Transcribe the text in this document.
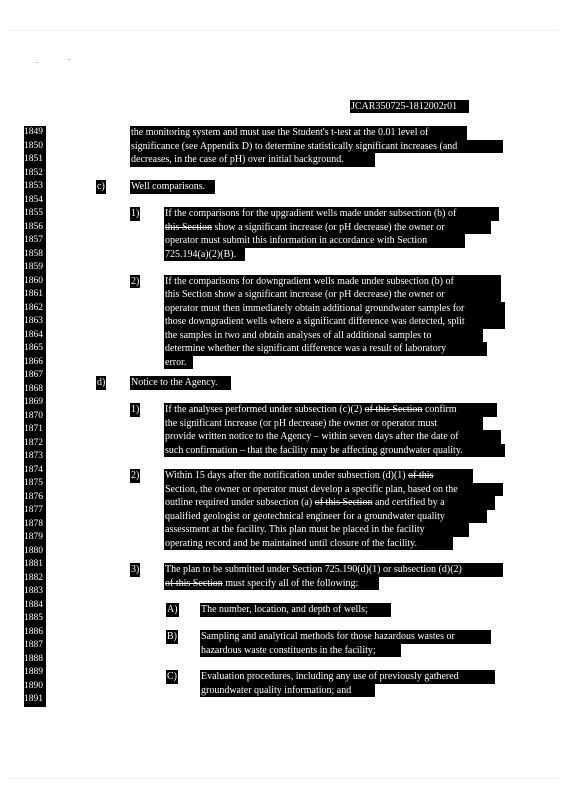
JCAR350725-1812002r01
1849
1850
1851
1852
1853
1854
1855
1856
1857
1858
1859
1860
1861
1862
1863
1864
1865
1866
1867
1868
1869
1870
1871
1872
1873
1874
1875
1876
1877
1878
1879
1880
1881
1882
1883
1884
1885
1886
1887
1888
1889
1890
1891
the monitoring system and must use the Student's t-test at the 0.01 level of
significance (see Appendix D) to determine statistically significant increases (and
decreases, in the case of pH) over initial background.
c)	Well comparisons.
1)	If the comparisons for the upgradient wells made under subsection (b) of
this Section show a significant increase (or pH decrease) the owner or
operator must submit this information in accordance with Section
725.194(a)(2)(B).
2)	If the comparisons for downgradient wells made under subsection (b) of
this Section show a significant increase (or pH decrease) the owner or
operator must then immediately obtain additional groundwater samples for
those downgradient wells where a significant difference was detected, split
the samples in two and obtain analyses of all additional samples to
determine whether the significant difference was a result of laboratory
error.
d)	Notice to the Agency.
1)	If the analyses performed under subsection (c)(2) of this Section confirm
the significant increase (or pH decrease) the owner or operator must
provide written notice to the Agency – within seven days after the date of
such confirmation – that the facility may be affecting groundwater quality.
2)	Within 15 days after the notification under subsection (d)(1) of this
Section, the owner or operator must develop a specific plan, based on the
outline required under subsection (a) of this Section and certified by a
qualified geologist or geotechnical engineer for a groundwater quality
assessment at the facility. This plan must be placed in the facility
operating record and be maintained until closure of the facility.
3)	The plan to be submitted under Section 725.190(d)(1) or subsection (d)(2)
of this Section must specify all of the following:
A) The number, location, and depth of wells;
B) Sampling and analytical methods for those hazardous wastes or
hazardous waste constituents in the facility;
C) Evaluation procedures, including any use of previously gathered
groundwater quality information; and
